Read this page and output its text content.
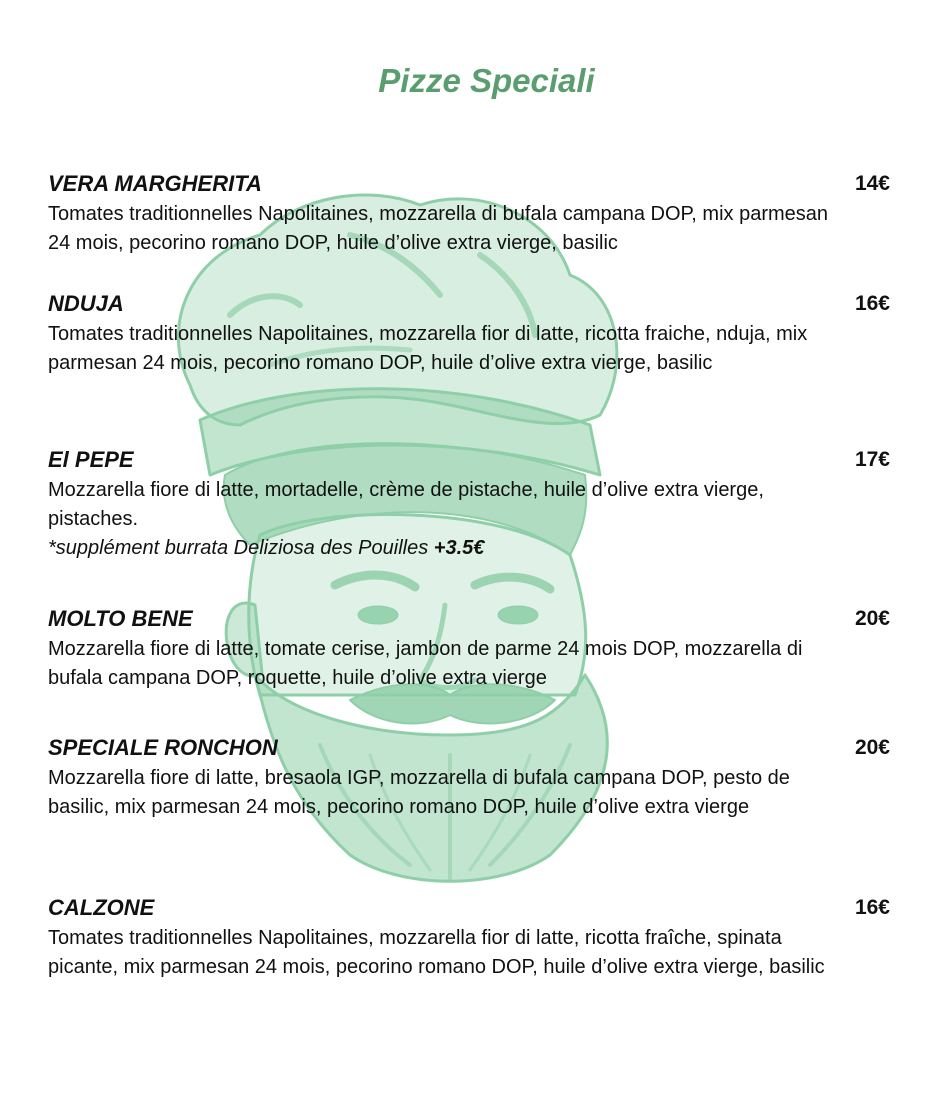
Pizze Speciali
VERA MARGHERITA	14€
Tomates traditionnelles Napolitaines, mozzarella di bufala campana DOP, mix parmesan 24 mois, pecorino romano DOP, huile d’olive extra vierge, basilic
NDUJA	16€
Tomates traditionnelles Napolitaines, mozzarella fior di latte, ricotta fraiche, nduja, mix parmesan 24 mois, pecorino romano DOP, huile d’olive extra vierge, basilic
El PEPE	17€
Mozzarella fiore di latte, mortadelle, crème de pistache, huile d’olive extra vierge, pistaches.
*supplément burrata Deliziosa des Pouilles +3.5€
MOLTO BENE	20€
Mozzarella fiore di latte, tomate cerise, jambon de parme 24 mois DOP, mozzarella di bufala campana DOP, roquette, huile d’olive extra vierge
SPECIALE RONCHON	20€
Mozzarella fiore di latte, bresaola IGP, mozzarella di bufala campana DOP, pesto de basilic, mix parmesan 24 mois, pecorino romano DOP, huile d’olive extra vierge
CALZONE	16€
Tomates traditionnelles Napolitaines, mozzarella fior di latte, ricotta fraîche, spinata picante, mix parmesan 24 mois, pecorino romano DOP, huile d’olive extra vierge, basilic
